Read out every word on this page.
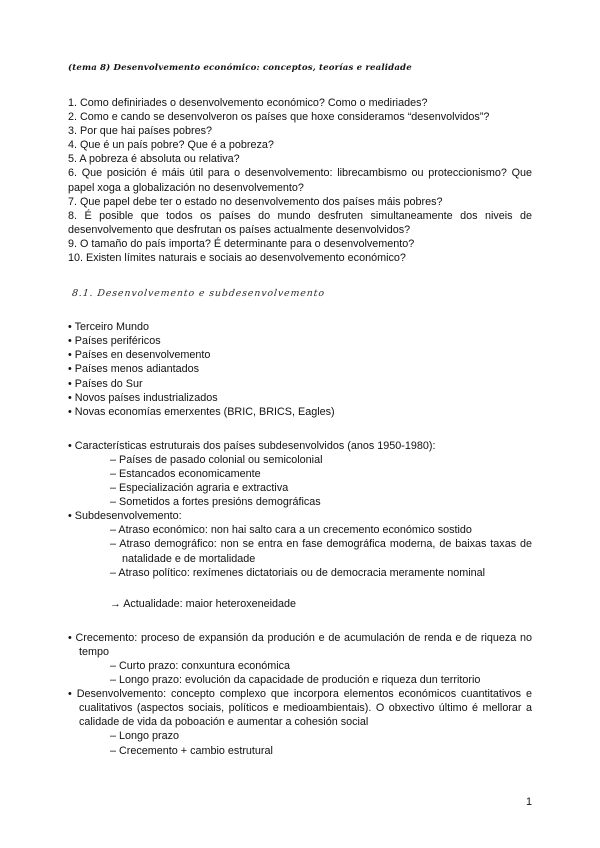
(tema 8) Desenvolvemento económico: conceptos, teorías e realidade
1. Como definiriades o desenvolvemento económico? Como o mediriades?
2. Como e cando se desenvolveron os países que hoxe consideramos “desenvolvidos”?
3. Por que hai países pobres?
4. Que é un país pobre? Que é a pobreza?
5. A pobreza é absoluta ou relativa?
6. Que posición é máis útil para o desenvolvemento: librecambismo ou proteccionismo? Que papel xoga a globalización no desenvolvemento?
7. Que papel debe ter o estado no desenvolvemento dos países máis pobres?
8. É posible que todos os países do mundo desfruten simultaneamente dos niveis de desenvolvemento que desfrutan os países actualmente desenvolvidos?
9. O tamaño do país importa? É determinante para o desenvolvemento?
10. Existen límites naturais e sociais ao desenvolvemento económico?
8.1. Desenvolvemento e subdesenvolvemento
• Terceiro Mundo
• Países periféricos
• Países en desenvolvemento
• Países menos adiantados
• Países do Sur
• Novos países industrializados
• Novas economías emerxentes (BRIC, BRICS, Eagles)
• Características estruturais dos países subdesenvolvidos (anos 1950-1980):
– Países de pasado colonial ou semicolonial
– Estancados economicamente
– Especialización agraria e extractiva
– Sometidos a fortes presións demográficas
• Subdesenvolvemento:
– Atraso económico: non hai salto cara a un crecemento económico sostido
– Atraso demográfico: non se entra en fase demográfica moderna, de baixas taxas de natalidade e de mortalidade
– Atraso político: rexímenes dictatoriais ou de democracia meramente nominal
→ Actualidade: maior heteroxeneidade
• Crecemento: proceso de expansión da produción e de acumulación de renda e de riqueza no tempo
– Curto prazo: conxuntura económica
– Longo prazo: evolución da capacidade de produción e riqueza dun territorio
• Desenvolvemento: concepto complexo que incorpora elementos económicos cuantitativos e cualitativos (aspectos sociais, políticos e medioambientais). O obxectivo último é mellorar a calidade de vida da poboación e aumentar a cohesión social
– Longo prazo
– Crecemento + cambio estrutural
1
